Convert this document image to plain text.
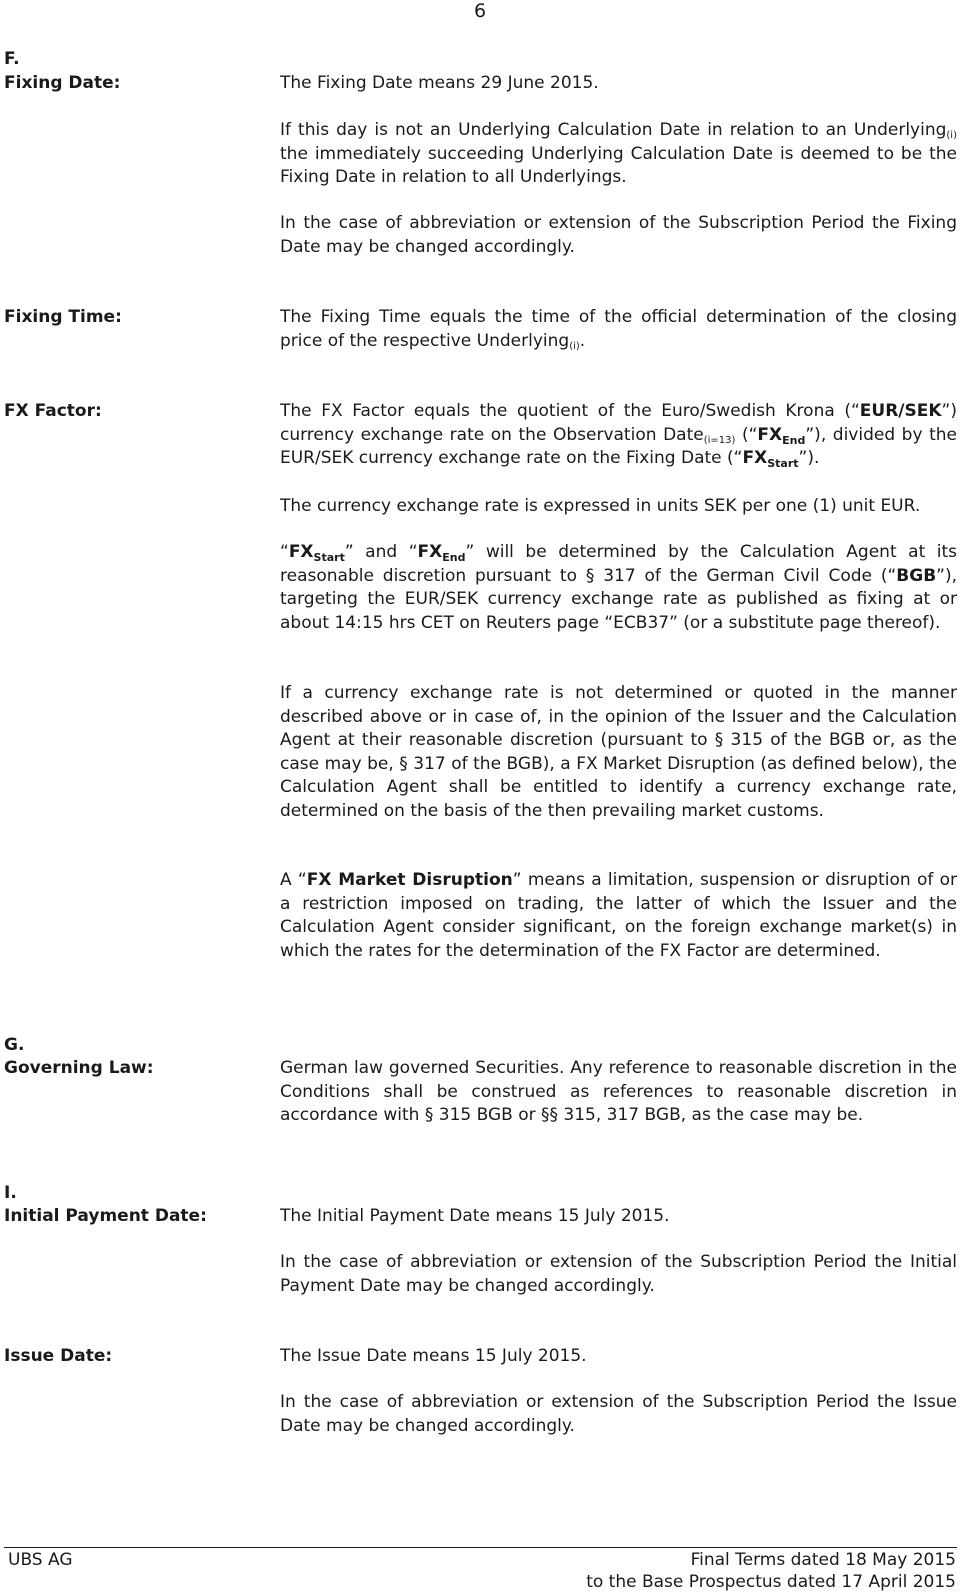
6
F.
Fixing Date:	The Fixing Date means 29 June 2015.
If this day is not an Underlying Calculation Date in relation to an Underlying$_{(i)}$ the immediately succeeding Underlying Calculation Date is deemed to be the Fixing Date in relation to all Underlyings.
In the case of abbreviation or extension of the Subscription Period the Fixing Date may be changed accordingly.
Fixing Time:	The Fixing Time equals the time of the official determination of the closing price of the respective Underlying$_{(i)}$.
FX Factor:	The FX Factor equals the quotient of the Euro/Swedish Krona (“EUR/SEK”) currency exchange rate on the Observation Date$_{(i=13)}$ $(“FX_{End}”)$, divided by the EUR/SEK currency exchange rate on the Fixing Date $(“FX_{Start}”)$.
The currency exchange rate is expressed in units SEK per one (1) unit EUR.
“$FX_{Start}$” and “$FX_{End}$” will be determined by the Calculation Agent at its reasonable discretion pursuant to § 317 of the German Civil Code (“BGB”), targeting the EUR/SEK currency exchange rate as published as fixing at or about 14:15 hrs CET on Reuters page “ECB37” (or a substitute page thereof).
If a currency exchange rate is not determined or quoted in the manner described above or in case of, in the opinion of the Issuer and the Calculation Agent at their reasonable discretion (pursuant to § 315 of the BGB or, as the case may be, § 317 of the BGB), a FX Market Disruption (as defined below), the Calculation Agent shall be entitled to identify a currency exchange rate, determined on the basis of the then prevailing market customs.
A “FX Market Disruption” means a limitation, suspension or disruption of or a restriction imposed on trading, the latter of which the Issuer and the Calculation Agent consider significant, on the foreign exchange market(s) in which the rates for the determination of the FX Factor are determined.
G.
Governing Law:	German law governed Securities. Any reference to reasonable discretion in the Conditions shall be construed as references to reasonable discretion in accordance with § 315 BGB or §§ 315, 317 BGB, as the case may be.
I.
Initial Payment Date:	The Initial Payment Date means 15 July 2015.
In the case of abbreviation or extension of the Subscription Period the Initial Payment Date may be changed accordingly.
Issue Date:	The Issue Date means 15 July 2015.
In the case of abbreviation or extension of the Subscription Period the Issue Date may be changed accordingly.
UBS AG	Final Terms dated 18 May 2015
to the Base Prospectus dated 17 April 2015
